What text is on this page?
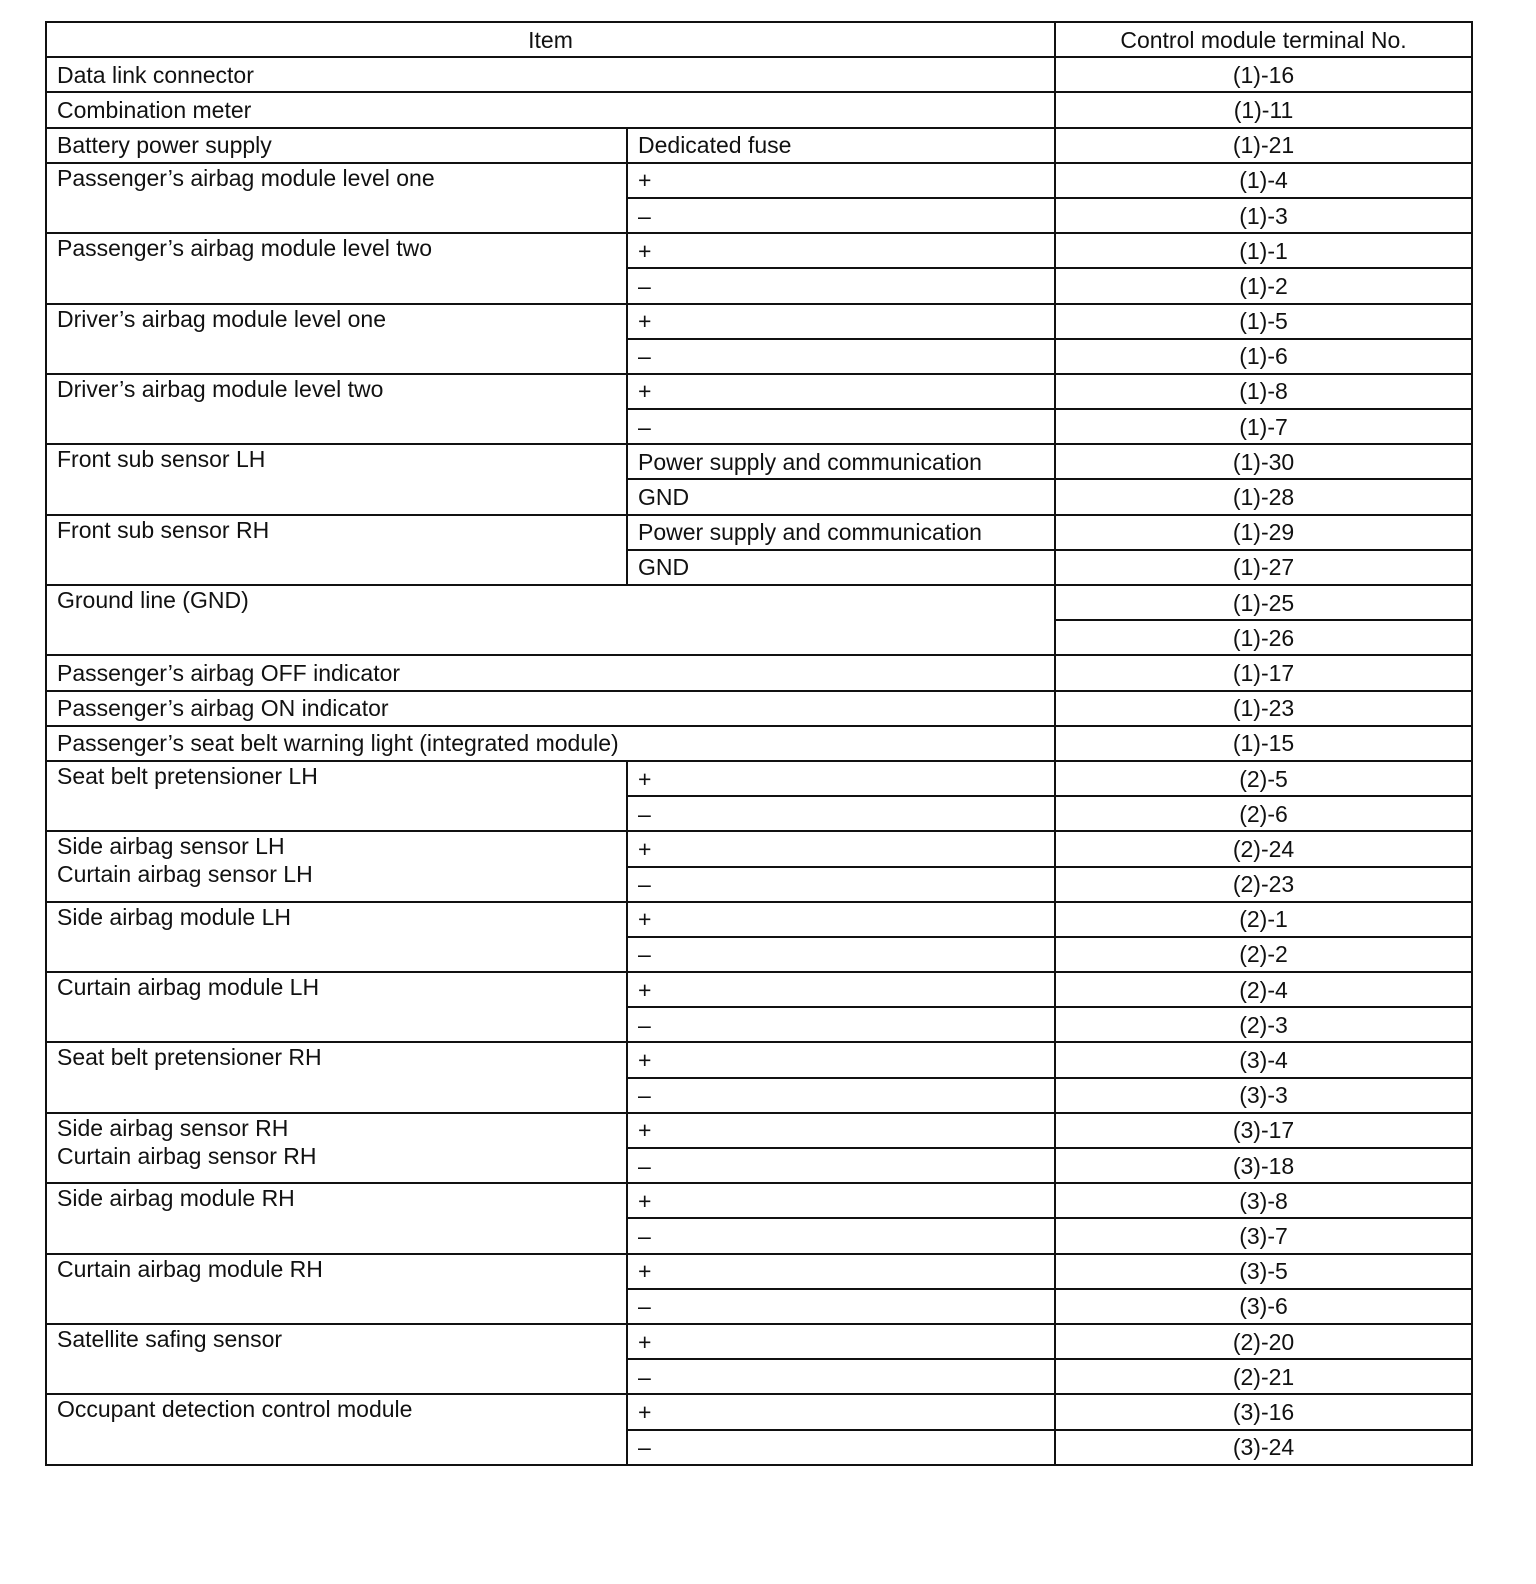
Item		Control module terminal No.

Data link connector		(1)-16

Combination meter		(1)-11

Battery power supply	Dedicated fuse	(1)-21

Passenger’s airbag module level one	+	(1)-4
	–	(1)-3

Passenger’s airbag module level two	+	(1)-1
	–	(1)-2

Driver’s airbag module level one	+	(1)-5
	–	(1)-6

Driver’s airbag module level two	+	(1)-8
	–	(1)-7

Front sub sensor LH	Power supply and communication	(1)-30
	GND	(1)-28

Front sub sensor RH	Power supply and communication	(1)-29
	GND	(1)-27

Ground line (GND)		(1)-25
		(1)-26

Passenger’s airbag OFF indicator		(1)-17

Passenger’s airbag ON indicator		(1)-23

Passenger’s seat belt warning light (integrated module)		(1)-15

Seat belt pretensioner LH	+	(2)-5
	–	(2)-6

Side airbag sensor LH
Curtain airbag sensor LH	+	(2)-24
	–	(2)-23

Side airbag module LH	+	(2)-1
	–	(2)-2

Curtain airbag module LH	+	(2)-4
	–	(2)-3

Seat belt pretensioner RH	+	(3)-4
	–	(3)-3

Side airbag sensor RH
Curtain airbag sensor RH	+	(3)-17
	–	(3)-18

Side airbag module RH	+	(3)-8
	–	(3)-7

Curtain airbag module RH	+	(3)-5
	–	(3)-6

Satellite safing sensor	+	(2)-20
	–	(2)-21

Occupant detection control module	+	(3)-16
	–	(3)-24
